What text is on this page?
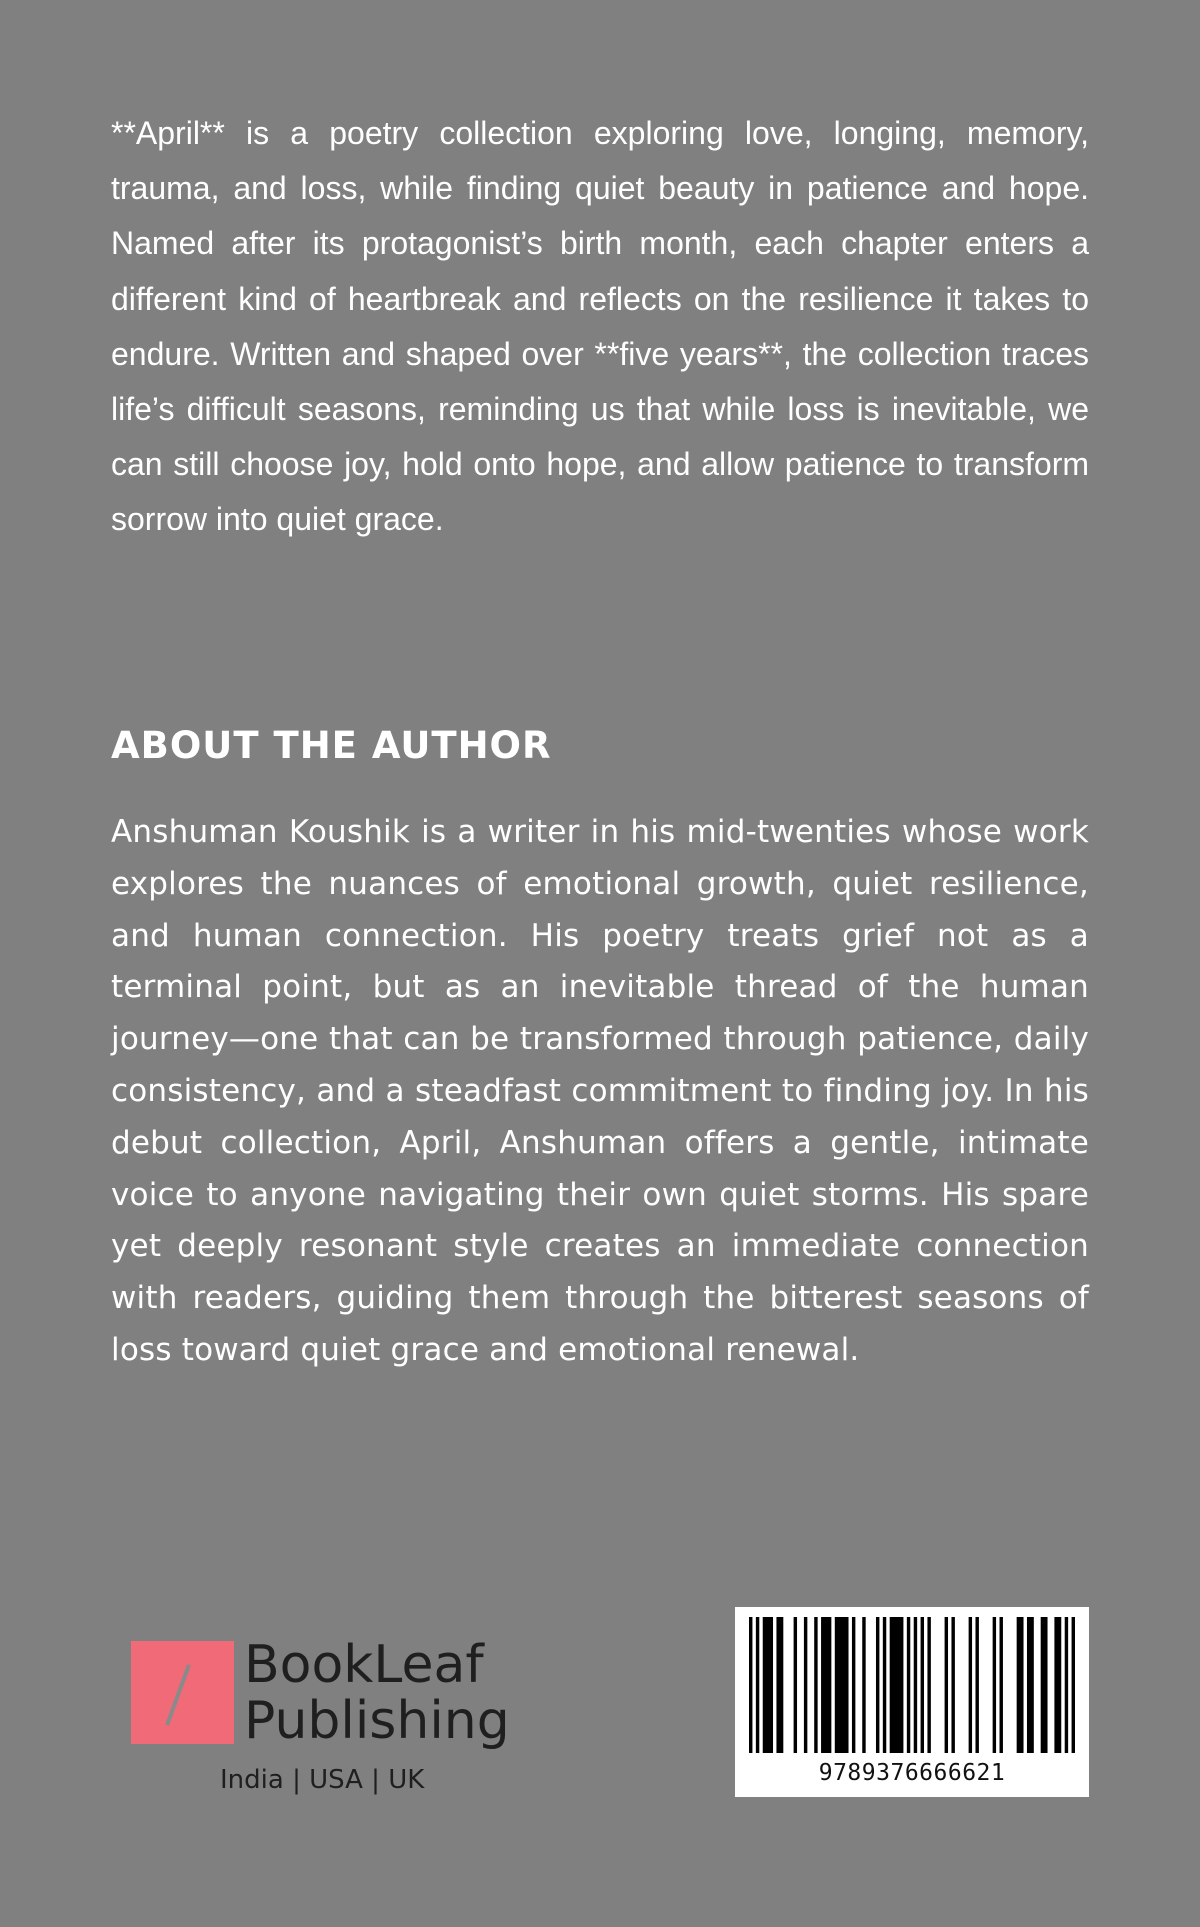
**April** is a poetry collection exploring love, longing, memory, trauma, and loss, while finding quiet beauty in patience and hope. Named after its protagonist’s birth month, each chapter enters a different kind of heartbreak and reflects on the resilience it takes to endure. Written and shaped over **five years**, the collection traces life’s difficult seasons, reminding us that while loss is inevitable, we can still choose joy, hold onto hope, and allow patience to transform sorrow into quiet grace.

ABOUT THE AUTHOR

Anshuman Koushik is a writer in his mid-twenties whose work explores the nuances of emotional growth, quiet resilience, and human connection. His poetry treats grief not as a terminal point, but as an inevitable thread of the human journey—one that can be transformed through patience, daily consistency, and a steadfast commitment to finding joy. In his debut collection, April, Anshuman offers a gentle, intimate voice to anyone navigating their own quiet storms. His spare yet deeply resonant style creates an immediate connection with readers, guiding them through the bitterest seasons of loss toward quiet grace and emotional renewal.

BookLeaf
Publishing
India | USA | UK	9789376666621
